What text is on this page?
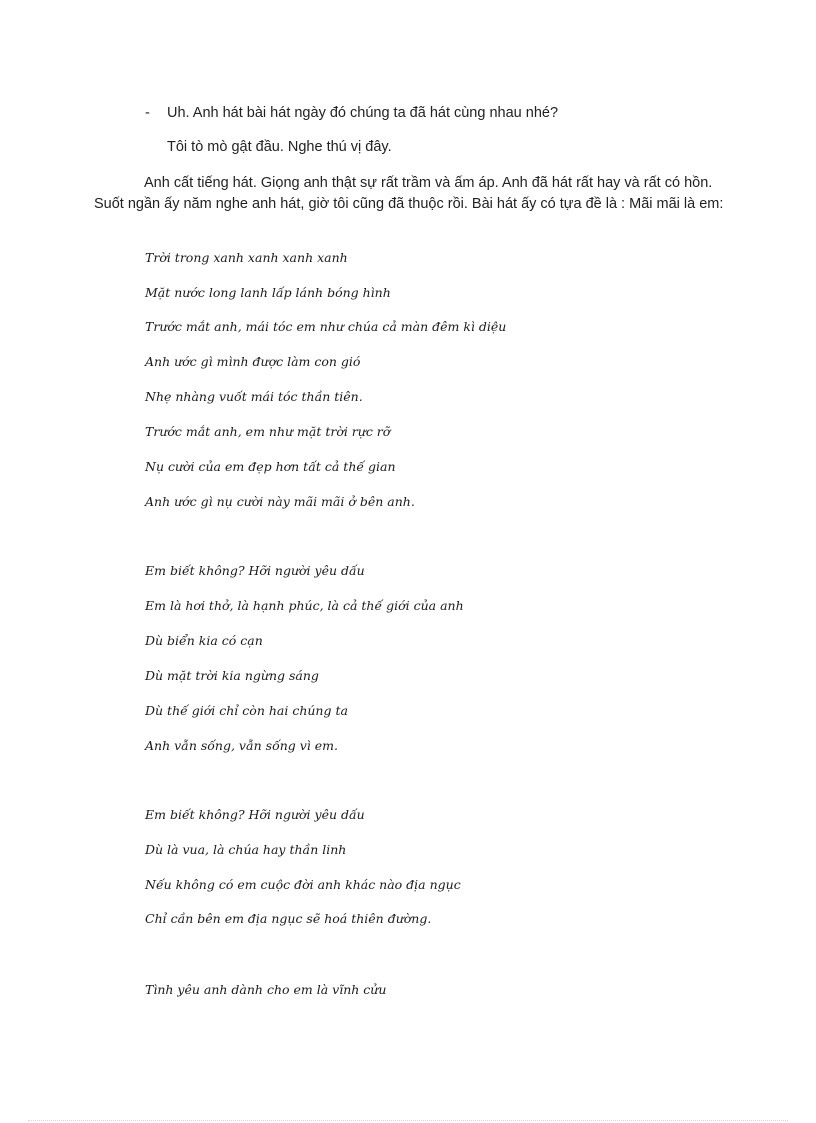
- Uh. Anh hát bài hát ngày đó chúng ta đã hát cùng nhau nhé?
Tôi tò mò gật đầu. Nghe thú vị đây.
Anh cất tiếng hát. Giọng anh thật sự rất trầm và ấm áp. Anh đã hát rất hay và rất có hồn. Suốt ngần ấy năm nghe anh hát, giờ tôi cũng đã thuộc rồi. Bài hát ấy có tựa đề là : Mãi mãi là em:
Trời trong xanh xanh xanh xanh
Mặt nước long lanh lấp lánh bóng hình
Trước mắt anh, mái tóc em như chúa cả màn đêm kì diệu
Anh ước gì mình được làm con gió
Nhẹ nhàng vuốt mái tóc thần tiên.
Trước mắt anh, em như mặt trời rực rỡ
Nụ cười của em đẹp hơn tất cả thế gian
Anh ước gì nụ cười này mãi mãi ở bên anh.
Em biết không? Hỡi người yêu dấu
Em là hơi thở, là hạnh phúc, là cả thế giới của anh
Dù biển kia có cạn
Dù mặt trời kia ngừng sáng
Dù thế giới chỉ còn hai chúng ta
Anh vẫn sống, vẫn sống vì em.
Em biết không? Hỡi người yêu dấu
Dù là vua, là chúa hay thần linh
Nếu không có em cuộc đời anh khác nào địa ngục
Chỉ cần bên em địa ngục sẽ hoá thiên đường.
Tình yêu anh dành cho em là vĩnh cửu
